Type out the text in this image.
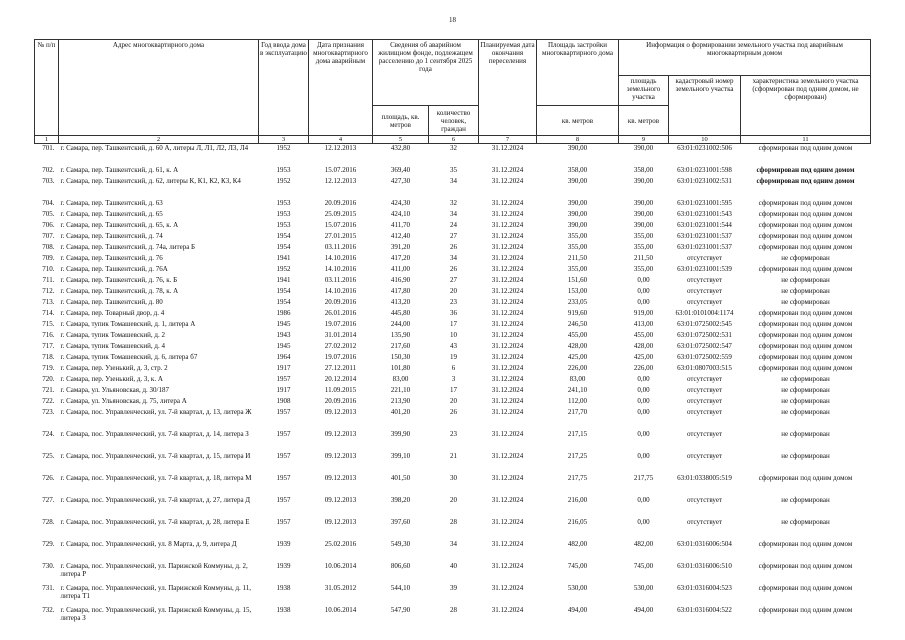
18
№ п/п	Адрес многоквартирного дома	Год ввода дома в эксплуатацию	Дата признания многоквартирного дома аварийным	Сведения об аварийном жилищном фонде, подлежащем расселению до 1 сентября 2025 года		Планируемая дата окончания переселения	Площадь застройки многоквартирного дома	Информация о формировании земельного участка под аварийным многоквартирным домом		
								площадь земельного участка	кадастровый номер земельного участка	характеристика земельного участка (сформирован под одним домом, не сформирован)
				площадь, кв. метров	количество человек, граждан		кв. метров	кв. метров		
1	2	3	4	5	6	7	8	9	10	11
701.	г. Самара, пер. Ташкентский, д. 60 А, литеры Л, Л1, Л2, Л3, Л4	1952	12.12.2013	432,80	32	31.12.2024	390,00	390,00	63:01:0231002:506	сформирован под одним домом
702.	г. Самара, пер. Ташкентский, д. 61, к. А	1953	15.07.2016	369,40	35	31.12.2024	358,00	358,00	63:01:0231001:598	сформирован под одним домом
703.	г. Самара, пер. Ташкентский, д. 62, литеры К, К1, К2, К3, К4	1952	12.12.2013	427,30	34	31.12.2024	390,00	390,00	63:01:0231002:531	сформирован под одним домом
704.	г. Самара, пер. Ташкентский, д. 63	1953	20.09.2016	424,30	32	31.12.2024	390,00	390,00	63:01:0231001:595	сформирован под одним домом
705.	г. Самара, пер. Ташкентский, д. 65	1953	25.09.2015	424,10	34	31.12.2024	390,00	390,00	63:01:0231001:543	сформирован под одним домом
706.	г. Самара, пер. Ташкентский, д. 65, к. А	1953	15.07.2016	411,70	24	31.12.2024	390,00	390,00	63:01:0231001:544	сформирован под одним домом
707.	г. Самара, пер. Ташкентский, д. 74	1954	27.01.2015	412,40	27	31.12.2024	355,00	355,00	63:01:0231001:537	сформирован под одним домом
708.	г. Самара, пер. Ташкентский, д. 74а, литера Б	1954	03.11.2016	391,20	26	31.12.2024	355,00	355,00	63:01:0231001:537	сформирован под одним домом
709.	г. Самара, пер. Ташкентский, д. 76	1941	14.10.2016	417,20	34	31.12.2024	211,50	211,50	отсутствует	не сформирован
710.	г. Самара, пер. Ташкентский, д. 76А	1952	14.10.2016	411,00	26	31.12.2024	355,00	355,00	63:01:0231001:539	сформирован под одним домом
711.	г. Самара, пер. Ташкентский, д. 76, к. Б	1941	03.11.2016	416,90	27	31.12.2024	151,60	0,00	отсутствует	не сформирован
712.	г. Самара, пер. Ташкентский, д. 78, к. А	1954	14.10.2016	417,80	20	31.12.2024	153,00	0,00	отсутствует	не сформирован
713.	г. Самара, пер. Ташкентский, д. 80	1954	20.09.2016	413,20	23	31.12.2024	233,05	0,00	отсутствует	не сформирован
714.	г. Самара, пер. Товарный двор, д. 4	1986	26.01.2016	445,80	36	31.12.2024	919,60	919,00	63:01:0101004:1174	сформирован под одним домом
715.	г. Самара, тупик Томашевский, д. 1, литера А	1945	19.07.2016	244,00	17	31.12.2024	246,50	413,00	63:01:0725002:545	сформирован под одним домом
716.	г. Самара, тупик Томашевский, д. 2	1943	31.01.2014	135,90	10	31.12.2024	455,00	455,00	63:01:0725002:531	сформирован под одним домом
717.	г. Самара, тупик Томашевский, д. 4	1945	27.02.2012	217,60	43	31.12.2024	428,00	428,00	63:01:0725002:547	сформирован под одним домом
718.	г. Самара, тупик Томашевский, д. 6, литера б7	1964	19.07.2016	150,30	19	31.12.2024	425,00	425,00	63:01:0725002:559	сформирован под одним домом
719.	г. Самара, пер. Узенький, д. 3, стр. 2	1917	27.12.2011	101,80	6	31.12.2024	226,00	226,00	63:01:0807003:515	сформирован под одним домом
720.	г. Самара, пер. Узенький, д. 3, к. А	1957	20.12.2014	83,00	3	31.12.2024	83,00	0,00	отсутствует	не сформирован
721.	г. Самара, ул. Ульяновская, д. 30/187	1917	11.09.2015	221,10	17	31.12.2024	241,10	0,00	отсутствует	не сформирован
722.	г. Самара, ул. Ульяновская, д. 75, литера А	1908	20.09.2016	213,90	20	31.12.2024	112,00	0,00	отсутствует	не сформирован
723.	г. Самара, пос. Управленческий, ул. 7-й квартал, д. 13, литера Ж	1957	09.12.2013	401,20	26	31.12.2024	217,70	0,00	отсутствует	не сформирован
724.	г. Самара, пос. Управленческий, ул. 7-й квартал, д. 14, литера З	1957	09.12.2013	399,90	23	31.12.2024	217,15	0,00	отсутствует	не сформирован
725.	г. Самара, пос. Управленческий, ул. 7-й квартал, д. 15, литера И	1957	09.12.2013	399,10	21	31.12.2024	217,25	0,00	отсутствует	не сформирован
726.	г. Самара, пос. Управленческий, ул. 7-й квартал, д. 18, литера М	1957	09.12.2013	401,50	30	31.12.2024	217,75	217,75	63:01:0338005:519	сформирован под одним домом
727.	г. Самара, пос. Управленческий, ул. 7-й квартал, д. 27, литера Д	1957	09.12.2013	398,20	20	31.12.2024	216,00	0,00	отсутствует	не сформирован
728.	г. Самара, пос. Управленческий, ул. 7-й квартал, д. 28, литера Е	1957	09.12.2013	397,60	28	31.12.2024	216,05	0,00	отсутствует	не сформирован
729.	г. Самара, пос. Управленческий, ул. 8 Марта, д. 9, литера Д	1939	25.02.2016	549,30	34	31.12.2024	482,00	482,00	63:01:0316006:504	сформирован под одним домом
730.	г. Самара, пос. Управленческий, ул. Парижской Коммуны, д. 2, литера Р	1939	10.06.2014	806,60	40	31.12.2024	745,00	745,00	63:01:0316006:510	сформирован под одним домом
731.	г. Самара, пос. Управленческий, ул. Парижской Коммуны, д. 11, литера Т1	1938	31.05.2012	544,10	39	31.12.2024	530,00	530,00	63:01:0316004:523	сформирован под одним домом
732.	г. Самара, пос. Управленческий, ул. Парижской Коммуны, д. 15, литера З	1938	10.06.2014	547,90	28	31.12.2024	494,00	494,00	63:01:0316004:522	сформирован под одним домом
